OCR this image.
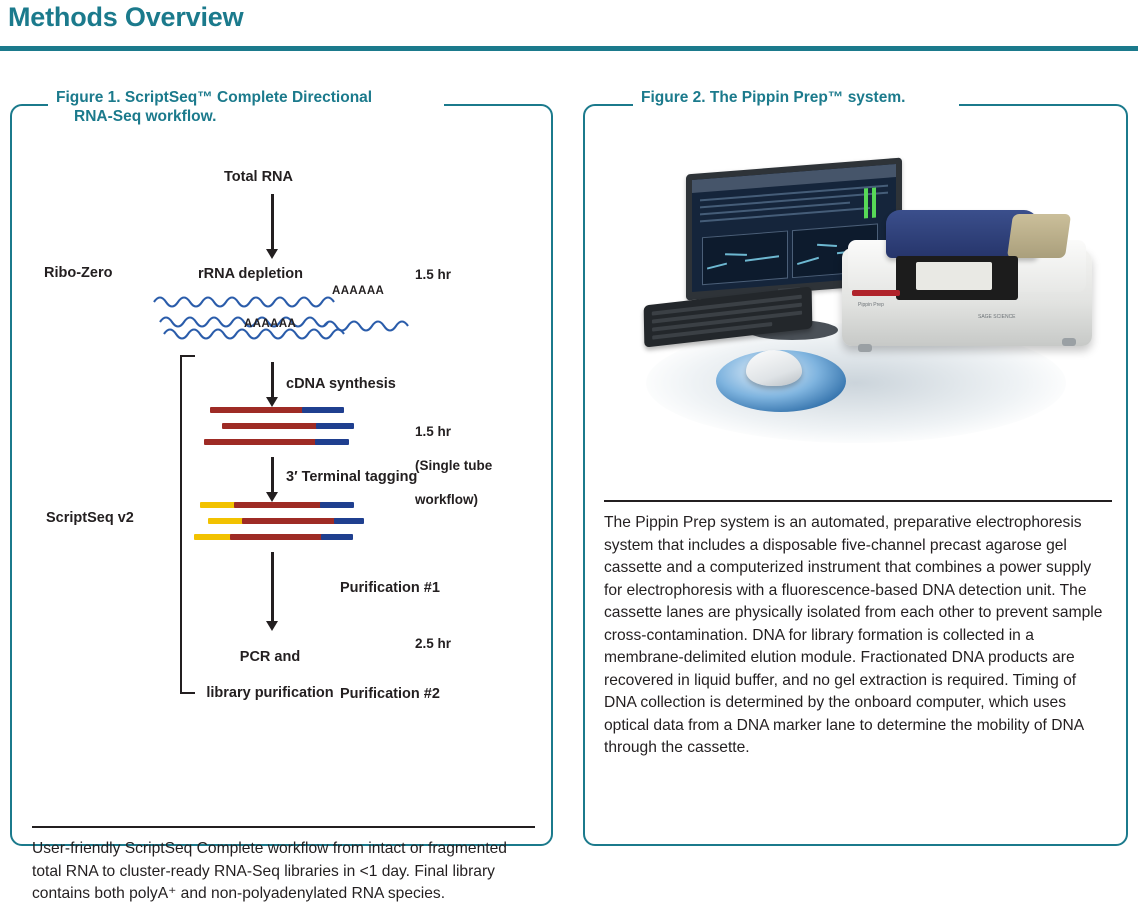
Methods Overview
Figure 1. ScriptSeq™ Complete Directional
RNA-Seq workflow.
Total RNA
Ribo-Zero	rRNA depletion	1.5 hr
AAAAAA
AAAAAA
ScriptSeq v2
cDNA synthesis

1.5 hr

(Single tube

workflow)

3′ Terminal tagging
Purification #1

PCR and

library purification

2.5 hr
Purification #2
User-friendly ScriptSeq Complete workflow from intact or fragmented total RNA to cluster-ready RNA-Seq libraries in <1 day. Final library contains both polyA⁺ and non-polyadenylated RNA species.
Figure 2. The Pippin Prep™ system.
Pippin Prep
SAGE SCIENCE
The Pippin Prep system is an automated, preparative electrophoresis system that includes a disposable five-channel precast agarose gel cassette and a computerized instrument that combines a power supply for electrophoresis with a fluorescence-based DNA detection unit. The cassette lanes are physically isolated from each other to prevent sample cross-contamination. DNA for library formation is collected in a membrane-delimited elution module. Fractionated DNA products are recovered in liquid buffer, and no gel extraction is required. Timing of DNA collection is determined by the onboard computer, which uses optical data from a DNA marker lane to determine the mobility of DNA through the cassette.
